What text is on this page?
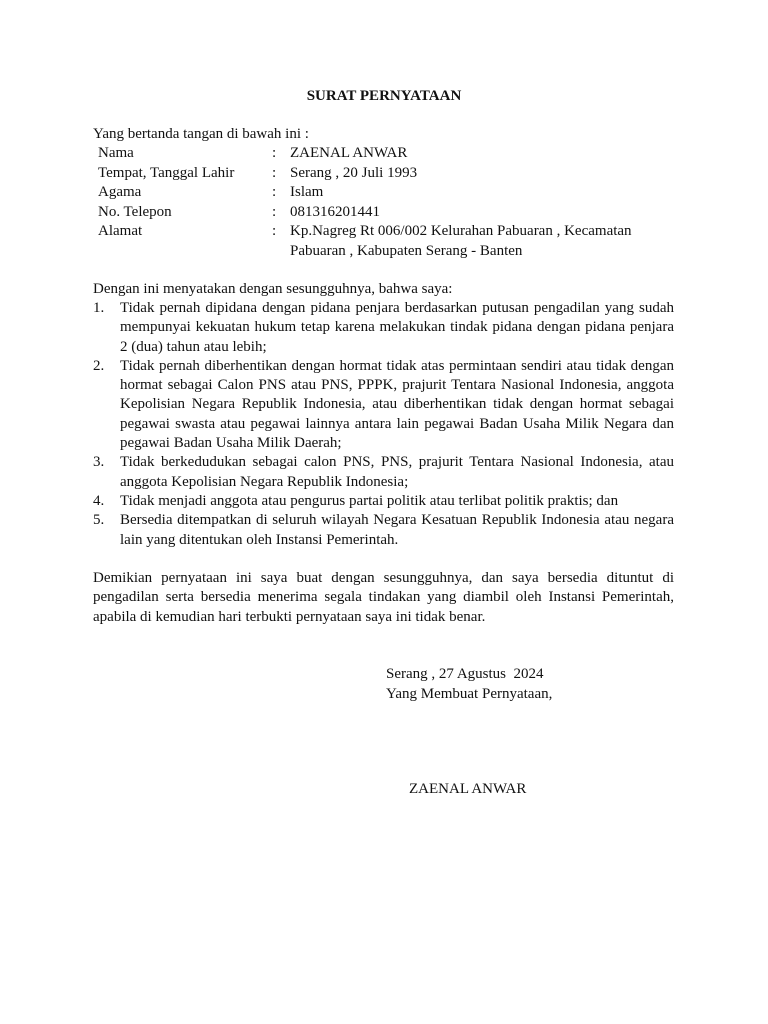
SURAT PERNYATAAN
Yang bertanda tangan di bawah ini :
Nama	: ZAENAL ANWAR
Tempat, Tanggal Lahir	: Serang , 20 Juli 1993
Agama	: Islam
No. Telepon	: 081316201441
Alamat	: Kp.Nagreg Rt 006/002 Kelurahan Pabuaran , Kecamatan Pabuaran , Kabupaten Serang - Banten
Dengan ini menyatakan dengan sesungguhnya, bahwa saya:
1.	Tidak pernah dipidana dengan pidana penjara berdasarkan putusan pengadilan yang sudah mempunyai kekuatan hukum tetap karena melakukan tindak pidana dengan pidana penjara 2 (dua) tahun atau lebih;
2.	Tidak pernah diberhentikan dengan hormat tidak atas permintaan sendiri atau tidak dengan hormat sebagai Calon PNS atau PNS, PPPK, prajurit Tentara Nasional Indonesia, anggota Kepolisian Negara Republik Indonesia, atau diberhentikan tidak dengan hormat sebagai pegawai swasta atau pegawai lainnya antara lain pegawai Badan Usaha Milik Negara dan pegawai Badan Usaha Milik Daerah;
3.	Tidak berkedudukan sebagai calon PNS, PNS, prajurit Tentara Nasional Indonesia, atau anggota Kepolisian Negara Republik Indonesia;
4.	Tidak menjadi anggota atau pengurus partai politik atau terlibat politik praktis; dan
5.	Bersedia ditempatkan di seluruh wilayah Negara Kesatuan Republik Indonesia atau negara lain yang ditentukan oleh Instansi Pemerintah.
Demikian pernyataan ini saya buat dengan sesungguhnya, dan saya bersedia dituntut di pengadilan serta bersedia menerima segala tindakan yang diambil oleh Instansi Pemerintah, apabila di kemudian hari terbukti pernyataan saya ini tidak benar.
Serang , 27 Agustus  2024
Yang Membuat Pernyataan,
ZAENAL ANWAR
